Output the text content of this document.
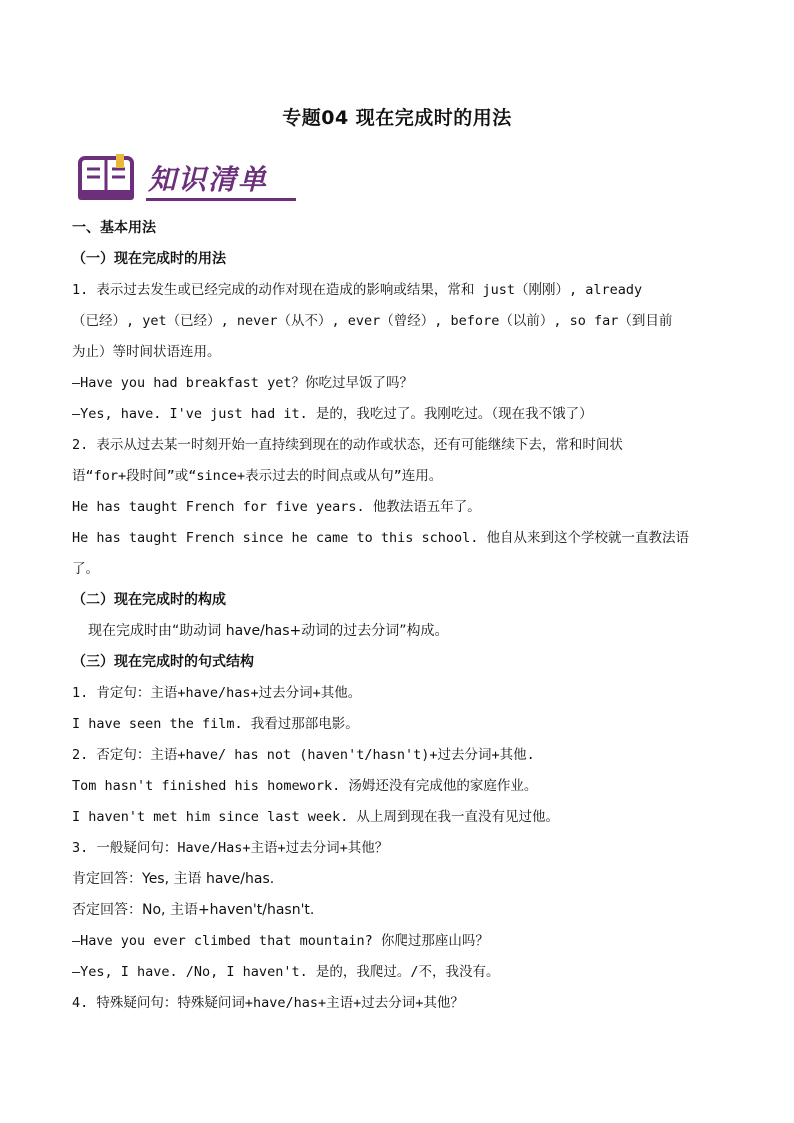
专题04 现在完成时的用法
知识清单
一、基本用法
（一）现在完成时的用法
1. 表示过去发生或已经完成的动作对现在造成的影响或结果，常和 just（刚刚）, already
（已经）, yet（已经）, never（从不）, ever（曾经）, before（以前）, so far（到目前
为止）等时间状语连用。
—Have you had breakfast yet？你吃过早饭了吗？
—Yes, have. I've just had it. 是的，我吃过了。我刚吃过。（现在我不饿了）
2. 表示从过去某一时刻开始一直持续到现在的动作或状态，还有可能继续下去，常和时间状
语“for+段时间”或“since+表示过去的时间点或从句”连用。
He has taught French for five years. 他教法语五年了。
He has taught French since he came to this school. 他自从来到这个学校就一直教法语
了。
（二）现在完成时的构成
现在完成时由“助动词 have/has+动词的过去分词”构成。
（三）现在完成时的句式结构
1. 肯定句：主语+have/has+过去分词+其他。
I have seen the film. 我看过那部电影。
2. 否定句：主语+have/ has not (haven't/hasn't)+过去分词+其他.
Tom hasn't finished his homework. 汤姆还没有完成他的家庭作业。
I haven't met him since last week. 从上周到现在我一直没有见过他。
3. 一般疑问句：Have/Has+主语+过去分词+其他？
肯定回答：Yes, 主语 have/has.
否定回答：No, 主语+haven't/hasn't.
—Have you ever climbed that mountain? 你爬过那座山吗？
—Yes, I have. /No, I haven't. 是的，我爬过。/不，我没有。
4. 特殊疑问句：特殊疑问词+have/has+主语+过去分词+其他？
